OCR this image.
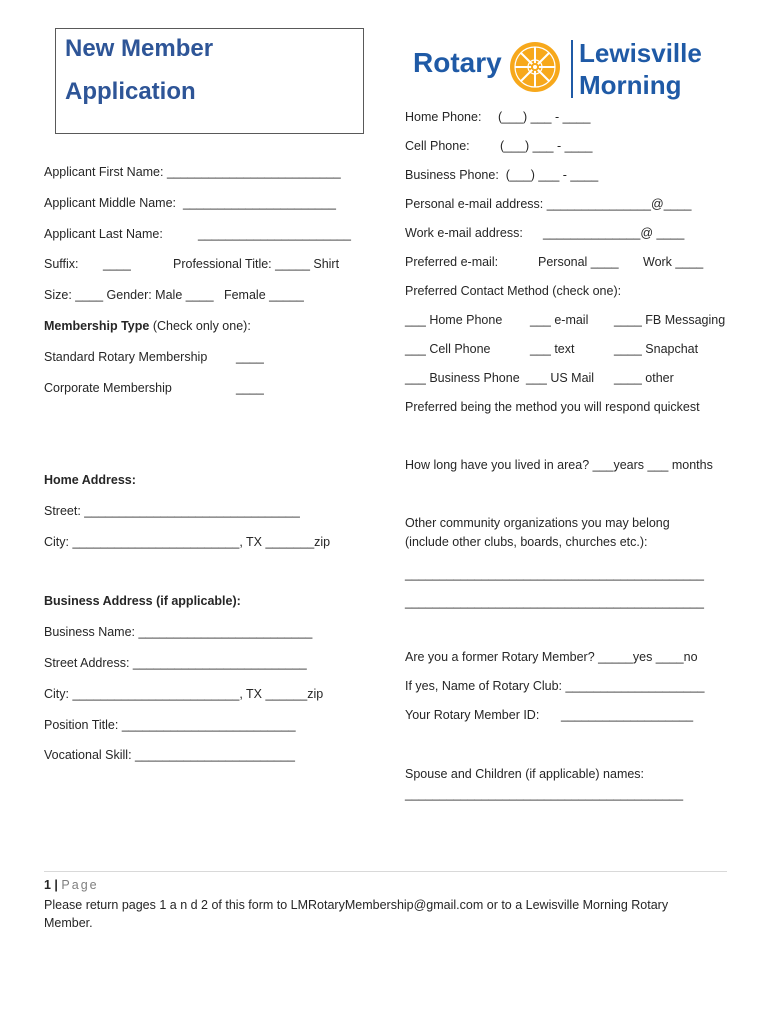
New Member
Application
Rotary	Lewisville
Morning
Applicant First Name: _________________________
Applicant Middle Name:  ______________________
Applicant Last Name:	______________________
Suffix: ____	Professional Title: _____ Shirt
Size: ____ Gender: Male ____   Female _____
Membership Type (Check only one):
Standard Rotary Membership ____
Corporate Membership	____
Home Address:
Street: _______________________________
City: ________________________, TX _______zip
Business Address (if applicable):
Business Name: _________________________
Street Address: _________________________
City: ________________________, TX ______zip
Position Title: _________________________
Vocational Skill: _______________________
Home Phone: (___) ___ - ____
Cell Phone: (___) ___ - ____
Business Phone:  (___) ___ - ____
Personal e-mail address: _______________@____
Work e-mail address: ______________@ ____
Preferred e-mail:	Personal ____ Work ____
Preferred Contact Method (check one):
___ Home Phone ___ e-mail ____ FB Messaging
___ Cell Phone	___ text	____ Snapchat
___ Business Phone ___ US Mail ____ other
Preferred being the method you will respond quickest
How long have you lived in area? ___years ___ months
Other community organizations you may belong
(include other clubs, boards, churches etc.):
___________________________________________
___________________________________________
Are you a former Rotary Member? _____yes ____no
If yes, Name of Rotary Club: ____________________
Your Rotary Member ID: ___________________
Spouse and Children (if applicable) names:
________________________________________
1 | Page
Please return pages 1 a n d 2 of this form to LMRotaryMembership@gmail.com or to a Lewisville Morning Rotary
Member.
